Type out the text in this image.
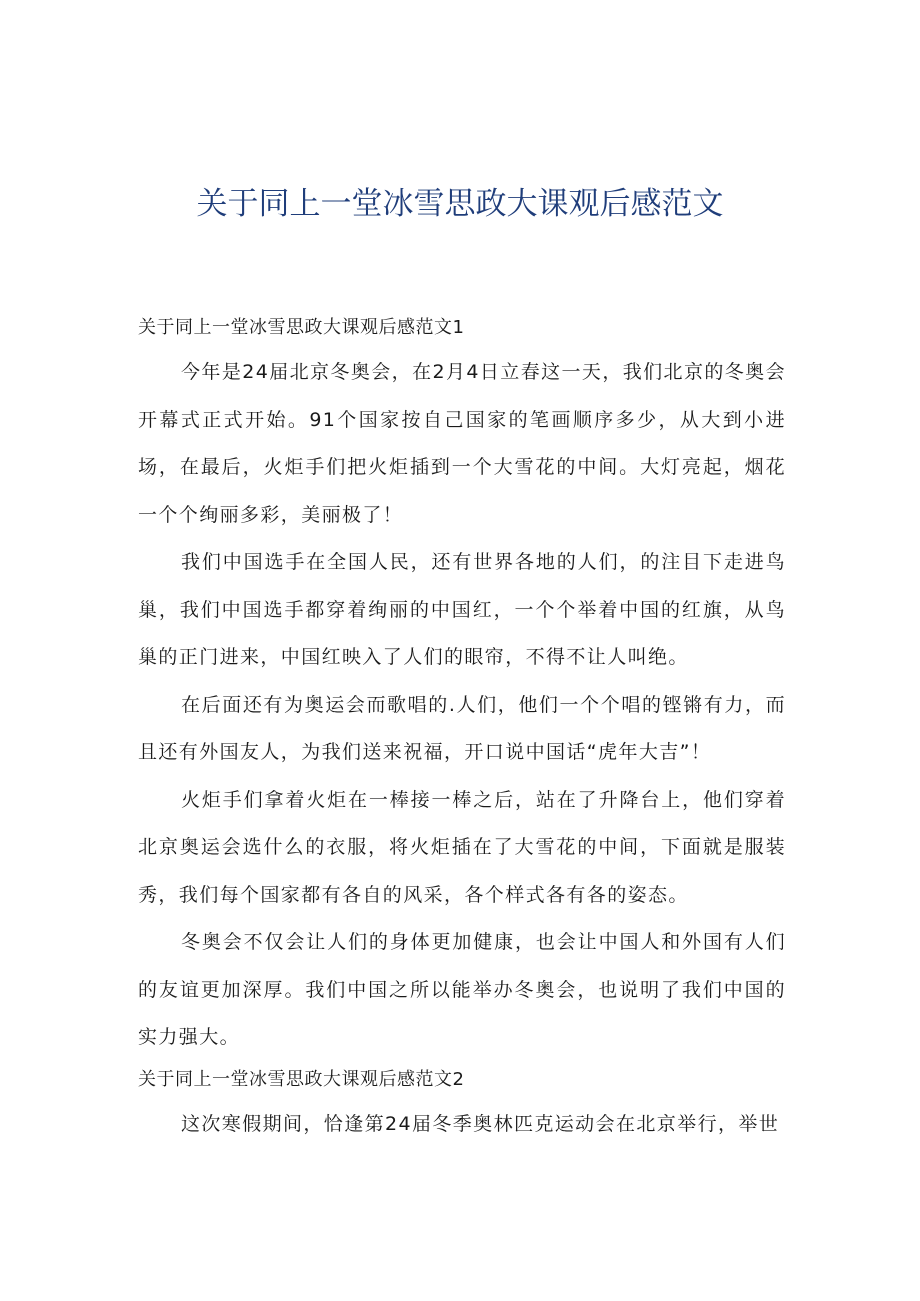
关于同上一堂冰雪思政大课观后感范文

关于同上一堂冰雪思政大课观后感范文1

今年是24届北京冬奥会，在2月4日立春这一天，我们北京的冬奥会开幕式正式开始。91个国家按自己国家的笔画顺序多少，从大到小进场，在最后，火炬手们把火炬插到一个大雪花的中间。大灯亮起，烟花一个个绚丽多彩，美丽极了！

我们中国选手在全国人民，还有世界各地的人们，的注目下走进鸟巢，我们中国选手都穿着绚丽的中国红，一个个举着中国的红旗，从鸟巢的正门进来，中国红映入了人们的眼帘，不得不让人叫绝。

在后面还有为奥运会而歌唱的.人们，他们一个个唱的铿锵有力，而且还有外国友人，为我们送来祝福，开口说中国话“虎年大吉”！

火炬手们拿着火炬在一棒接一棒之后，站在了升降台上，他们穿着北京奥运会选什么的衣服，将火炬插在了大雪花的中间，下面就是服装秀，我们每个国家都有各自的风采，各个样式各有各的姿态。

冬奥会不仅会让人们的身体更加健康，也会让中国人和外国有人们的友谊更加深厚。我们中国之所以能举办冬奥会，也说明了我们中国的实力强大。

关于同上一堂冰雪思政大课观后感范文2

这次寒假期间，恰逢第24届冬季奥林匹克运动会在北京举行，举世
